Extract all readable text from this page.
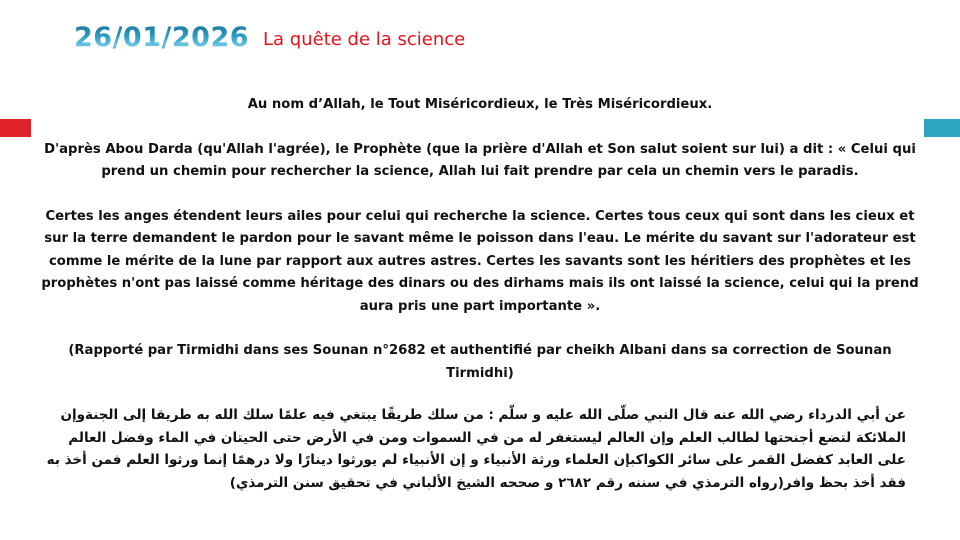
26/01/2026 La quête de la science

Au nom d’Allah, le Tout Miséricordieux, le Très Miséricordieux.

D'après Abou Darda (qu'Allah l'agrée), le Prophète (que la prière d'Allah et Son salut soient sur lui) a dit : « Celui qui prend un chemin pour rechercher la science, Allah lui fait prendre par cela un chemin vers le paradis.

Certes les anges étendent leurs ailes pour celui qui recherche la science. Certes tous ceux qui sont dans les cieux et sur la terre demandent le pardon pour le savant même le poisson dans l'eau. Le mérite du savant sur l'adorateur est comme le mérite de la lune par rapport aux autres astres. Certes les savants sont les héritiers des prophètes et les prophètes n'ont pas laissé comme héritage des dinars ou des dirhams mais ils ont laissé la science, celui qui la prend aura pris une part importante ».

(Rapporté par Tirmidhi dans ses Sounan n°2682 et authentifié par cheikh Albani dans sa correction de Sounan Tirmidhi)

عن أبي الدرداء رضي الله عنه قال النبي صلّى الله عليه و سلّم : من سلك طريقًا يبتغي فيه علمًا سلك الله به طريقا إلى الجنةوإن الملائكة لتضع أجنحتها لطالب العلم وإن العالم ليستغفر له من في السموات ومن في الأرض حتى الحيتان في الماء وفضل العالم على العابد كفضل القمر على سائر الكواكبإن العلماء ورثة الأنبياء و إن الأنبياء لم يورثوا دينارًا ولا درهمًا إنما ورثوا العلم فمن أخذ به فقد أخذ بحظ وافر(رواه الترمذي في سننه رقم ٢٦٨٢ و صححه الشيخ الألباني في تحقيق سنن الترمذي)
